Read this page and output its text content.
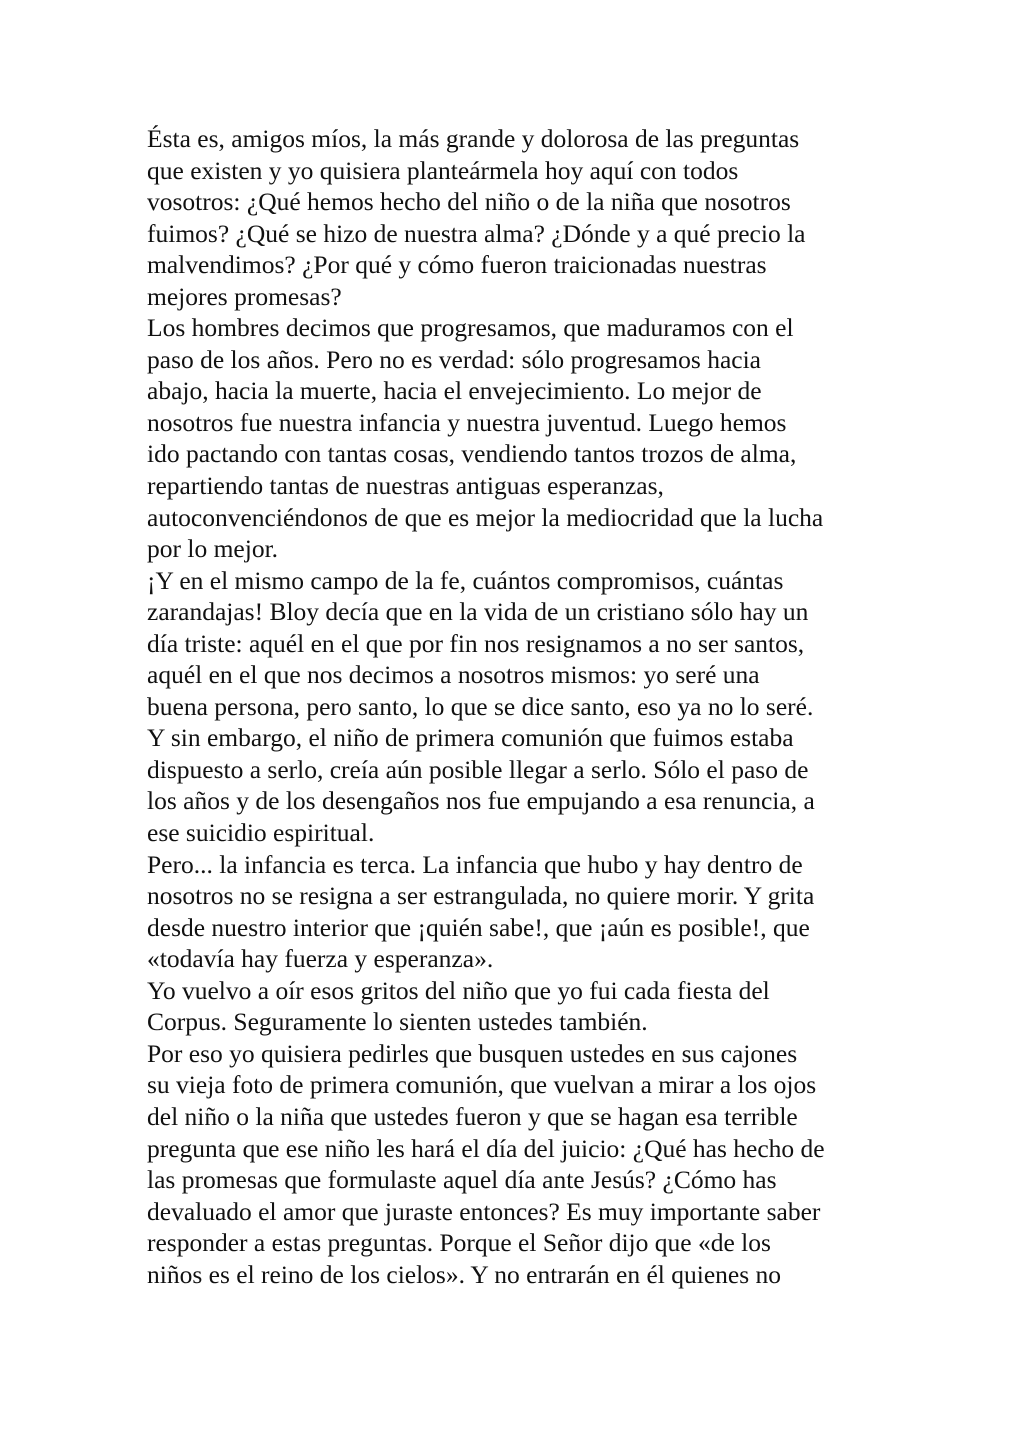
Ésta es, amigos míos, la más grande y dolorosa de las preguntas
que existen y yo quisiera planteármela hoy aquí con todos
vosotros: ¿Qué hemos hecho del niño o de la niña que nosotros
fuimos? ¿Qué se hizo de nuestra alma? ¿Dónde y a qué precio la
malvendimos? ¿Por qué y cómo fueron traicionadas nuestras
mejores promesas?
Los hombres decimos que progresamos, que maduramos con el
paso de los años. Pero no es verdad: sólo progresamos hacia
abajo, hacia la muerte, hacia el envejecimiento. Lo mejor de
nosotros fue nuestra infancia y nuestra juventud. Luego hemos
ido pactando con tantas cosas, vendiendo tantos trozos de alma,
repartiendo tantas de nuestras antiguas esperanzas,
autoconvenciéndonos de que es mejor la mediocridad que la lucha
por lo mejor.
¡Y en el mismo campo de la fe, cuántos compromisos, cuántas
zarandajas! Bloy decía que en la vida de un cristiano sólo hay un
día triste: aquél en el que por fin nos resignamos a no ser santos,
aquél en el que nos decimos a nosotros mismos: yo seré una
buena persona, pero santo, lo que se dice santo, eso ya no lo seré.
Y sin embargo, el niño de primera comunión que fuimos estaba
dispuesto a serlo, creía aún posible llegar a serlo. Sólo el paso de
los años y de los desengaños nos fue empujando a esa renuncia, a
ese suicidio espiritual.
Pero... la infancia es terca. La infancia que hubo y hay dentro de
nosotros no se resigna a ser estrangulada, no quiere morir. Y grita
desde nuestro interior que ¡quién sabe!, que ¡aún es posible!, que
«todavía hay fuerza y esperanza».
Yo vuelvo a oír esos gritos del niño que yo fui cada fiesta del
Corpus. Seguramente lo sienten ustedes también.
Por eso yo quisiera pedirles que busquen ustedes en sus cajones
su vieja foto de primera comunión, que vuelvan a mirar a los ojos
del niño o la niña que ustedes fueron y que se hagan esa terrible
pregunta que ese niño les hará el día del juicio: ¿Qué has hecho de
las promesas que formulaste aquel día ante Jesús? ¿Cómo has
devaluado el amor que juraste entonces? Es muy importante saber
responder a estas preguntas. Porque el Señor dijo que «de los
niños es el reino de los cielos». Y no entrarán en él quienes no
